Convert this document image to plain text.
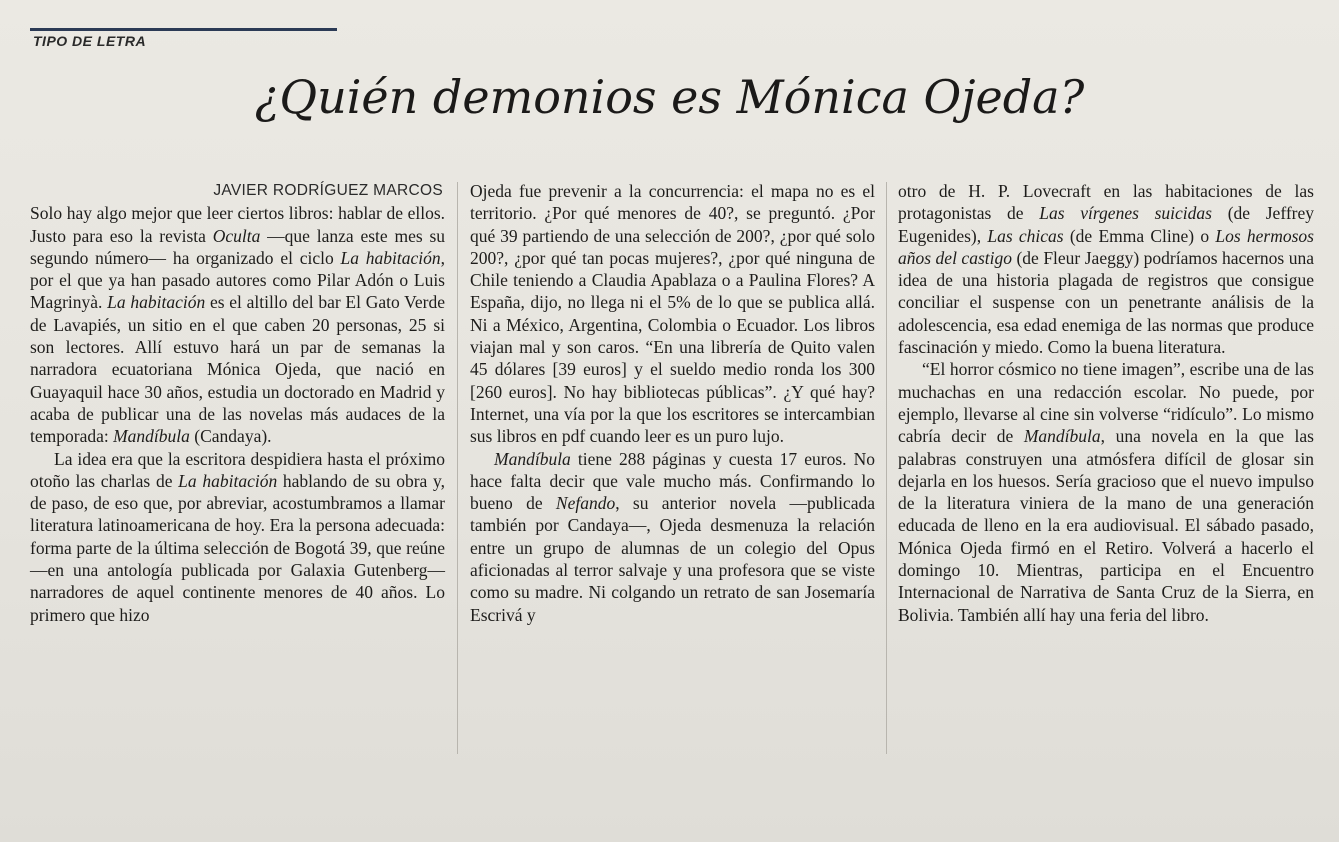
TIPO DE LETRA
¿Quién demonios es Mónica Ojeda?

JAVIER RODRÍGUEZ MARCOS

Solo hay algo mejor que leer ciertos libros: hablar de ellos. Justo para eso la revista Oculta —que lanza este mes su segundo número— ha organizado el ciclo La habitación, por el que ya han pasado autores como Pilar Adón o Luis Magrinyà. La habitación es el altillo del bar El Gato Verde de Lavapiés, un sitio en el que caben 20 personas, 25 si son lectores. Allí estuvo hará un par de semanas la narradora ecuatoriana Mónica Ojeda, que nació en Guayaquil hace 30 años, estudia un doctorado en Madrid y acaba de publicar una de las novelas más audaces de la temporada: Mandíbula (Candaya).

La idea era que la escritora despidiera hasta el próximo otoño las charlas de La habitación hablando de su obra y, de paso, de eso que, por abreviar, acostumbramos a llamar literatura latinoamericana de hoy. Era la persona adecuada: forma parte de la última selección de Bogotá 39, que reúne —en una antología publicada por Galaxia Gutenberg— narradores de aquel continente menores de 40 años. Lo primero que hizo

Ojeda fue prevenir a la concurrencia: el mapa no es el territorio. ¿Por qué menores de 40?, se preguntó. ¿Por qué 39 partiendo de una selección de 200?, ¿por qué solo 200?, ¿por qué tan pocas mujeres?, ¿por qué ninguna de Chile teniendo a Claudia Apablaza o a Paulina Flores? A España, dijo, no llega ni el 5% de lo que se publica allá. Ni a México, Argentina, Colombia o Ecuador. Los libros viajan mal y son caros. “En una librería de Quito valen 45 dólares [39 euros] y el sueldo medio ronda los 300 [260 euros]. No hay bibliotecas públicas”. ¿Y qué hay? Internet, una vía por la que los escritores se intercambian sus libros en pdf cuando leer es un puro lujo.

Mandíbula tiene 288 páginas y cuesta 17 euros. No hace falta decir que vale mucho más. Confirmando lo bueno de Nefando, su anterior novela —publicada también por Candaya—, Ojeda desmenuza la relación entre un grupo de alumnas de un colegio del Opus aficionadas al terror salvaje y una profesora que se viste como su madre. Ni colgando un retrato de san Josemaría Escrivá y

otro de H. P. Lovecraft en las habitaciones de las protagonistas de Las vírgenes suicidas (de Jeffrey Eugenides), Las chicas (de Emma Cline) o Los hermosos años del castigo (de Fleur Jaeggy) podríamos hacernos una idea de una historia plagada de registros que consigue conciliar el suspense con un penetrante análisis de la adolescencia, esa edad enemiga de las normas que produce fascinación y miedo. Como la buena literatura.

“El horror cósmico no tiene imagen”, escribe una de las muchachas en una redacción escolar. No puede, por ejemplo, llevarse al cine sin volverse “ridículo”. Lo mismo cabría decir de Mandíbula, una novela en la que las palabras construyen una atmósfera difícil de glosar sin dejarla en los huesos. Sería gracioso que el nuevo impulso de la literatura viniera de la mano de una generación educada de lleno en la era audiovisual. El sábado pasado, Mónica Ojeda firmó en el Retiro. Volverá a hacerlo el domingo 10. Mientras, participa en el Encuentro Internacional de Narrativa de Santa Cruz de la Sierra, en Bolivia. También allí hay una feria del libro.
